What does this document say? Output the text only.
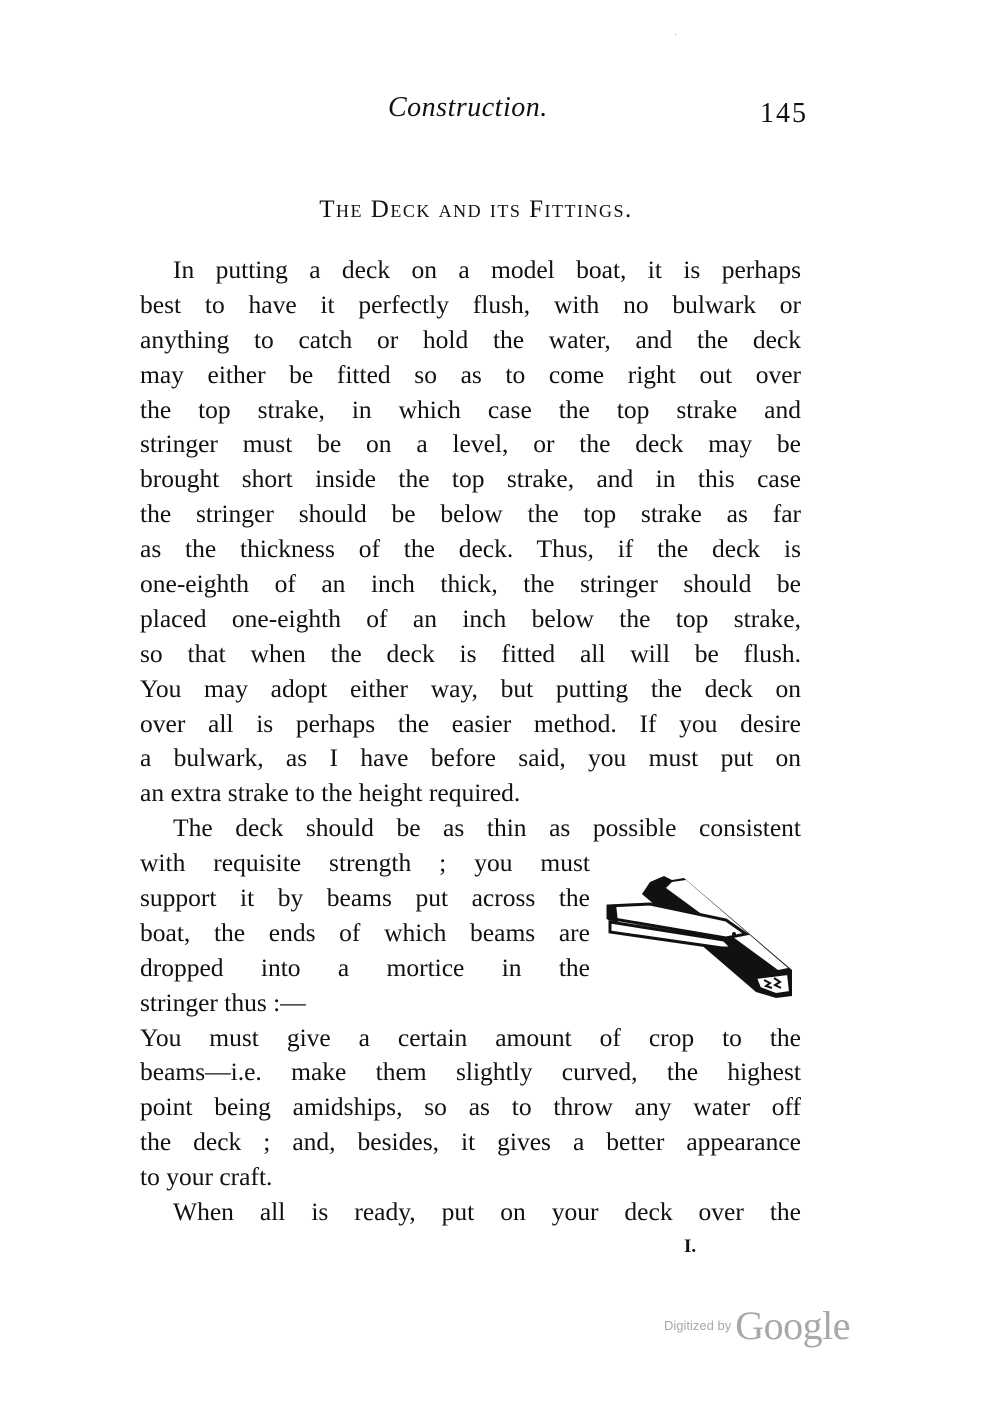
Construction.	145
The Deck and its Fittings.
In putting a deck on a model boat, it is perhaps
best to have it perfectly flush, with no bulwark or
anything to catch or hold the water, and the deck
may either be fitted so as to come right out over
the top strake, in which case the top strake and
stringer must be on a level, or the deck may be
brought short inside the top strake, and in this case
the stringer should be below the top strake as far
as the thickness of the deck. Thus, if the deck is
one-eighth of an inch thick, the stringer should be
placed one-eighth of an inch below the top strake,
so that when the deck is fitted all will be flush.
You may adopt either way, but putting the deck on
over all is perhaps the easier method. If you desire
a bulwark, as I have before said, you must put on
an extra strake to the height required.
The deck should be as thin as possible consistent
with requisite strength ; you must
support it by beams put across the
boat, the ends of which beams are
dropped into a mortice in the
stringer thus :—
You must give a certain amount of crop to the
beams—i.e. make them slightly curved, the highest
point being amidships, so as to throw any water off
the deck ; and, besides, it gives a better appearance
to your craft.
When all is ready, put on your deck over the
I.
Digitized by Google
